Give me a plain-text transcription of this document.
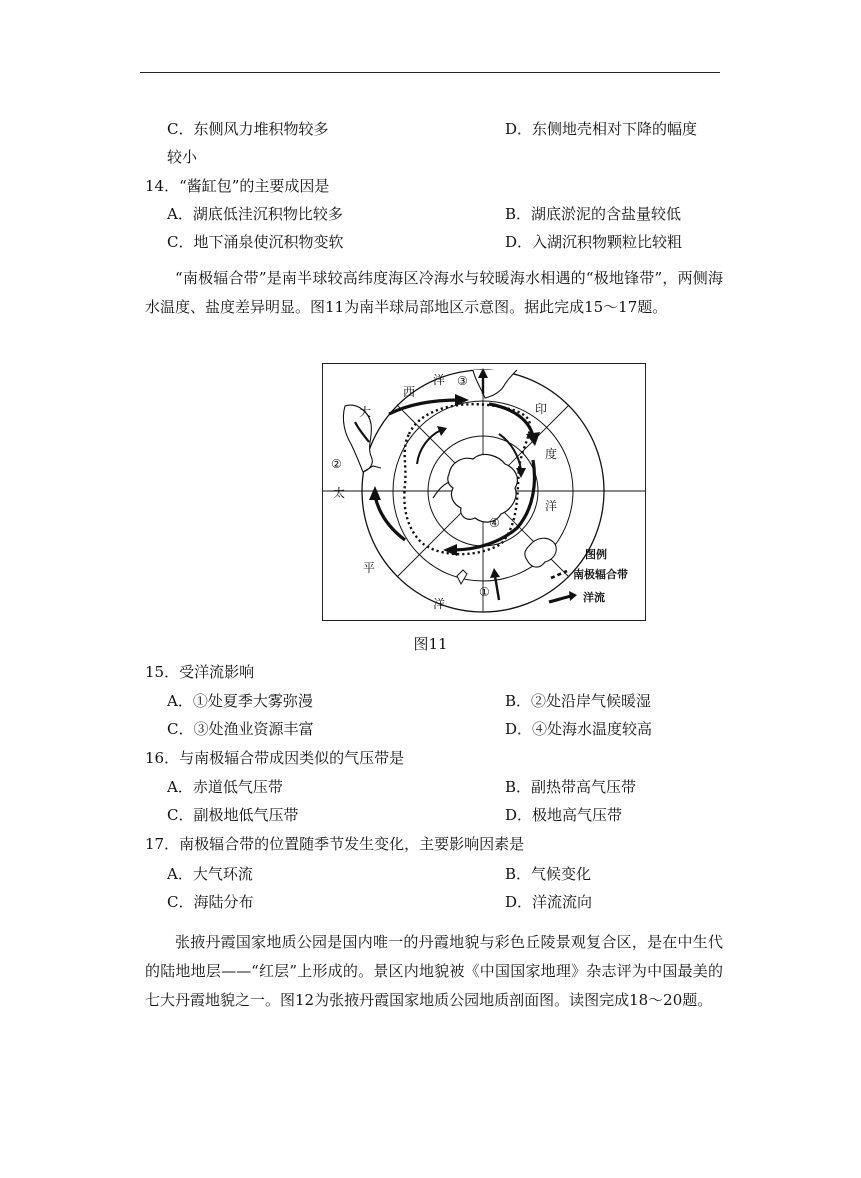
C．东侧风力堆积物较多	D．东侧地壳相对下降的幅度
较小
14．“酱缸包”的主要成因是
A．湖底低洼沉积物比较多	B．湖底淤泥的含盐量较低
C．地下涌泉使沉积物变软	D．入湖沉积物颗粒比较粗
“南极辐合带”是南半球较高纬度海区冷海水与较暖海水相遇的“极地锋带”，两侧海水温度、盐度差异明显。图11为南半球局部地区示意图。据此完成15～17题。
西
洋
大	印
度
洋
太
平
洋
①
②
③
④
图例
南极辐合带
洋流
图11
15．受洋流影响
A．①处夏季大雾弥漫	B．②处沿岸气候暖湿
C．③处渔业资源丰富	D．④处海水温度较高
16．与南极辐合带成因类似的气压带是
A．赤道低气压带	B．副热带高气压带
C．副极地低气压带	D．极地高气压带
17．南极辐合带的位置随季节发生变化，主要影响因素是
A．大气环流	B．气候变化
C．海陆分布	D．洋流流向
张掖丹霞国家地质公园是国内唯一的丹霞地貌与彩色丘陵景观复合区，是在中生代的陆地地层——“红层”上形成的。景区内地貌被《中国国家地理》杂志评为中国最美的七大丹霞地貌之一。图12为张掖丹霞国家地质公园地质剖面图。读图完成18～20题。
